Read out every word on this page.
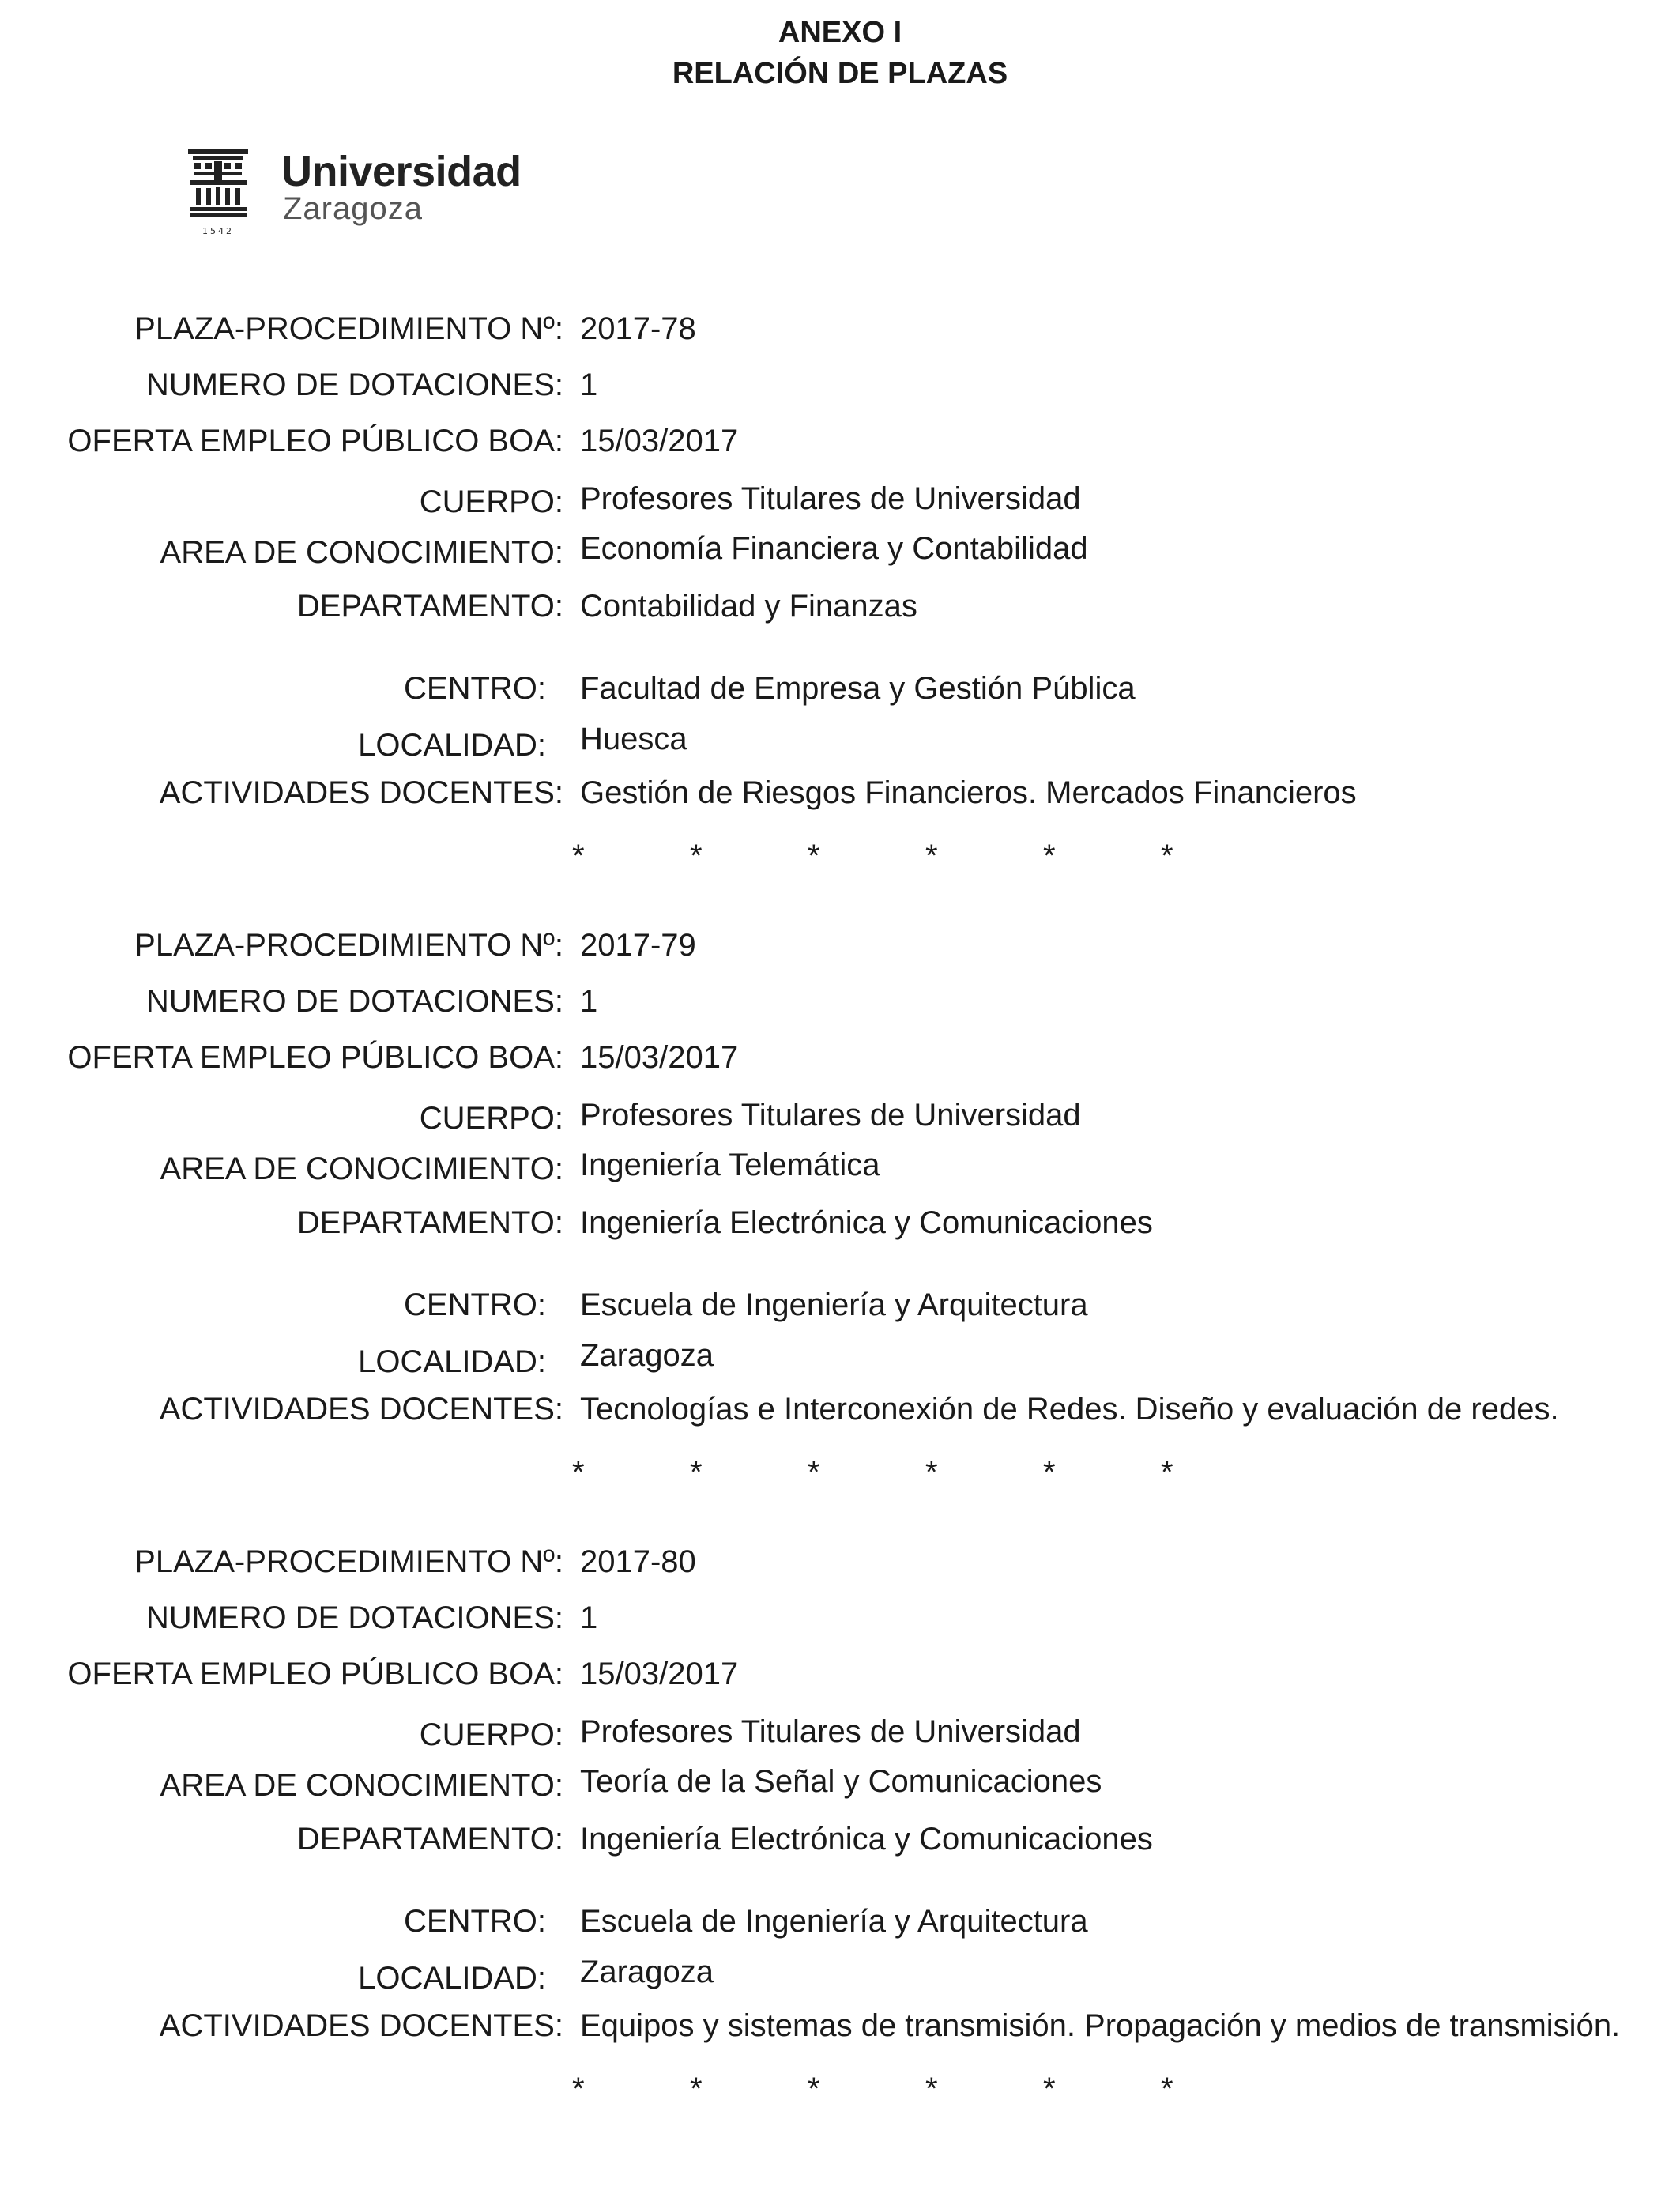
ANEXO I
RELACIÓN DE PLAZAS
1542
Universidad
Zaragoza
PLAZA-PROCEDIMIENTO Nº: 2017-78
NUMERO DE DOTACIONES: 1
OFERTA EMPLEO PÚBLICO BOA: 15/03/2017
CUERPO: Profesores Titulares de Universidad
AREA DE CONOCIMIENTO: Economía Financiera y Contabilidad
DEPARTAMENTO: Contabilidad y Finanzas
CENTRO: Facultad de Empresa y Gestión Pública
LOCALIDAD: Huesca
ACTIVIDADES DOCENTES: Gestión de Riesgos Financieros. Mercados Financieros
*	*	*	*	*	*
PLAZA-PROCEDIMIENTO Nº: 2017-79
NUMERO DE DOTACIONES: 1
OFERTA EMPLEO PÚBLICO BOA: 15/03/2017
CUERPO: Profesores Titulares de Universidad
AREA DE CONOCIMIENTO: Ingeniería Telemática
DEPARTAMENTO: Ingeniería Electrónica y Comunicaciones
CENTRO: Escuela de Ingeniería y Arquitectura
LOCALIDAD: Zaragoza
ACTIVIDADES DOCENTES: Tecnologías e Interconexión de Redes. Diseño y evaluación de redes.
*	*	*	*	*	*
PLAZA-PROCEDIMIENTO Nº: 2017-80
NUMERO DE DOTACIONES: 1
OFERTA EMPLEO PÚBLICO BOA: 15/03/2017
CUERPO: Profesores Titulares de Universidad
AREA DE CONOCIMIENTO: Teoría de la Señal y Comunicaciones
DEPARTAMENTO: Ingeniería Electrónica y Comunicaciones
CENTRO: Escuela de Ingeniería y Arquitectura
LOCALIDAD: Zaragoza
ACTIVIDADES DOCENTES: Equipos y sistemas de transmisión. Propagación y medios de transmisión.
*	*	*	*	*	*
